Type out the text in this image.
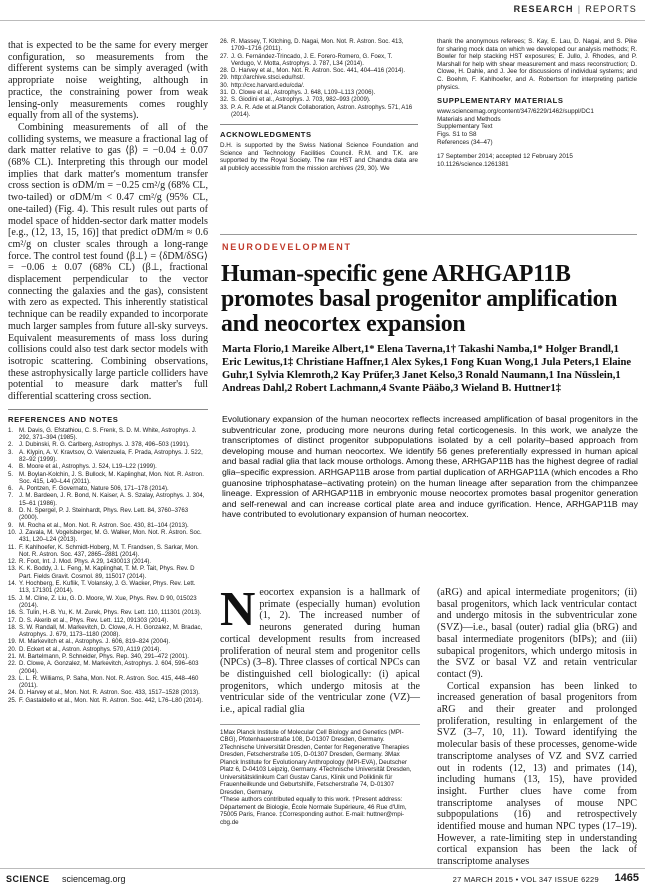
RESEARCH | REPORTS

that is expected to be the same for every merger configuration, so measurements from the different systems can be simply averaged (with appropriate noise weighting, although in practice, the constraining power from weak lensing-only measurements comes roughly equally from all of the systems).

Combining measurements of all of the colliding systems, we measure a fractional lag of dark matter relative to gas ⟨β⟩ = −0.04 ± 0.07 (68% CL). Interpreting this through our model implies that dark matter's momentum transfer cross section is σDM/m = −0.25 cm²/g (68% CL, two-tailed) or σDM/m < 0.47 cm²/g (95% CL, one-tailed) (Fig. 4). This result rules out parts of model space of hidden-sector dark matter models [e.g., (12, 13, 15, 16)] that predict σDM/m ≈ 0.6 cm²/g on cluster scales through a long-range force. The control test found ⟨β⊥⟩ = ⟨δDM/δSG⟩ = −0.06 ± 0.07 (68% CL) (β⊥, fractional displacement perpendicular to the vector connecting the galaxies and the gas), consistent with zero as expected. This inherently statistical technique can be readily expanded to incorporate much larger samples from future all-sky surveys. Equivalent measurements of mass loss during collisions could also test dark sector models with isotropic scattering. Combining observations, these astrophysically large particle colliders have potential to measure dark matter's full differential scattering cross section.

REFERENCES AND NOTES
1. M. Davis, G. Efstathiou, C. S. Frenk, S. D. M. White, Astrophys. J. 292, 371–394 (1985).
2. J. Dubinski, R. G. Carlberg, Astrophys. J. 378, 496–503 (1991).
3. A. Klypin, A. V. Kravtsov, O. Valenzuela, F. Prada, Astrophys. J. 522, 82–92 (1999).
4. B. Moore et al., Astrophys. J. 524, L19–L22 (1999).
5. M. Boylan-Kolchin, J. S. Bullock, M. Kaplinghat, Mon. Not. R. Astron. Soc. 415, L40–L44 (2011).
6. A. Pontzen, F. Governato, Nature 506, 171–178 (2014).
7. J. M. Bardeen, J. R. Bond, N. Kaiser, A. S. Szalay, Astrophys. J. 304, 15–61 (1986).
8. D. N. Spergel, P. J. Steinhardt, Phys. Rev. Lett. 84, 3760–3763 (2000).
9. M. Rocha et al., Mon. Not. R. Astron. Soc. 430, 81–104 (2013).
10. J. Zavala, M. Vogelsberger, M. G. Walker, Mon. Not. R. Astron. Soc. 431, L20–L24 (2013).
11. F. Kahlhoefer, K. Schmidt-Hoberg, M. T. Frandsen, S. Sarkar, Mon. Not. R. Astron. Soc. 437, 2865–2881 (2014).
12. R. Foot, Int. J. Mod. Phys. A 29, 1430013 (2014).
13. K. K. Boddy, J. L. Feng, M. Kaplinghat, T. M. P. Tait, Phys. Rev. D Part. Fields Gravit. Cosmol. 89, 115017 (2014).
14. Y. Hochberg, E. Kuflik, T. Volansky, J. G. Wacker, Phys. Rev. Lett. 113, 171301 (2014).
15. J. M. Cline, Z. Liu, G. D. Moore, W. Xue, Phys. Rev. D 90, 015023 (2014).
16. S. Tulin, H.-B. Yu, K. M. Zurek, Phys. Rev. Lett. 110, 111301 (2013).
17. D. S. Akerib et al., Phys. Rev. Lett. 112, 091303 (2014).
18. S. W. Randall, M. Markevitch, D. Clowe, A. H. Gonzalez, M. Bradac, Astrophys. J. 679, 1173–1180 (2008).
19. M. Markevitch et al., Astrophys. J. 606, 819–824 (2004).
20. D. Eckert et al., Astron. Astrophys. 570, A119 (2014).
21. M. Bartelmann, P. Schneider, Phys. Rep. 340, 291–472 (2001).
22. D. Clowe, A. Gonzalez, M. Markevitch, Astrophys. J. 604, 596–603 (2004).
23. L. L. R. Williams, P. Saha, Mon. Not. R. Astron. Soc. 415, 448–460 (2011).
24. D. Harvey et al., Mon. Not. R. Astron. Soc. 433, 1517–1528 (2013).
25. F. Gastaldello et al., Mon. Not. R. Astron. Soc. 442, L76–L80 (2014).
26. R. Massey, T. Kitching, D. Nagai, Mon. Not. R. Astron. Soc. 413, 1709–1716 (2011).
27. J. G. Fernández-Trincado, J. E. Forero-Romero, G. Foex, T. Verdugo, V. Motta, Astrophys. J. 787, L34 (2014).
28. D. Harvey et al., Mon. Not. R. Astron. Soc. 441, 404–416 (2014).
29. http://archive.stsci.edu/hst/.
30. http://cxc.harvard.edu/cda/.
31. D. Clowe et al., Astrophys. J. 648, L109–L113 (2006).
32. S. Giodini et al., Astrophys. J. 703, 982–993 (2009).
33. P. A. R. Ade et al.Planck Collaboration, Astron. Astrophys. 571, A16 (2014).
ACKNOWLEDGMENTS
D.H. is supported by the Swiss National Science Foundation and Science and Technology Facilities Council. R.M. and T.K. are supported by the Royal Society. The raw HST and Chandra data are all publicly accessible from the mission archives (29, 30). We
thank the anonymous referees; S. Kay, E. Lau, D. Nagai, and S. Pike for sharing mock data on which we developed our analysis methods; R. Bowler for help stacking HST exposures; E. Jullo, J. Rhodes, and P. Marshall for help with shear measurement and mass reconstruction; D. Clowe, H. Dahle, and J. Jee for discussions of individual systems; and C. Boehm, F. Kahlhoefer, and A. Robertson for interpreting particle physics.
SUPPLEMENTARY MATERIALS
www.sciencemag.org/content/347/6229/1462/suppl/DC1
Materials and Methods
Supplementary Text
Figs. S1 to S8
References (34–47)
17 September 2014; accepted 12 February 2015
10.1126/science.1261381
NEURODEVELOPMENT
Human-specific gene ARHGAP11B promotes basal progenitor amplification and neocortex expansion
Marta Florio,1 Mareike Albert,1* Elena Taverna,1† Takashi Namba,1* Holger Brandl,1 Eric Lewitus,1‡ Christiane Haffner,1 Alex Sykes,1 Fong Kuan Wong,1 Jula Peters,1 Elaine Guhr,1 Sylvia Klemroth,2 Kay Prüfer,3 Janet Kelso,3 Ronald Naumann,1 Ina Nüsslein,1 Andreas Dahl,2 Robert Lachmann,4 Svante Pääbo,3 Wieland B. Huttner1‡
Evolutionary expansion of the human neocortex reflects increased amplification of basal progenitors in the subventricular zone, producing more neurons during fetal corticogenesis. In this work, we analyze the transcriptomes of distinct progenitor subpopulations isolated by a cell polarity–based approach from developing mouse and human neocortex. We identify 56 genes preferentially expressed in human apical and basal radial glia that lack mouse orthologs. Among these, ARHGAP11B has the highest degree of radial glia–specific expression. ARHGAP11B arose from partial duplication of ARHGAP11A (which encodes a Rho guanosine triphosphatase–activating protein) on the human lineage after separation from the chimpanzee lineage. Expression of ARHGAP11B in embryonic mouse neocortex promotes basal progenitor generation and self-renewal and can increase cortical plate area and induce gyrification. Hence, ARHGAP11B may have contributed to evolutionary expansion of human neocortex.
Neocortex expansion is a hallmark of primate (especially human) evolution (1, 2). The increased number of neurons generated during human cortical development results from increased proliferation of neural stem and progenitor cells (NPCs) (3–8). Three classes of cortical NPCs can be distinguished cell biologically: (i) apical progenitors, which undergo mitosis at the ventricular side of the ventricular zone (VZ)—i.e., apical radial glia
1Max Planck Institute of Molecular Cell Biology and Genetics (MPI-CBG), Pfotenhauerstraße 108, D-01307 Dresden, Germany. 2Technische Universität Dresden, Center for Regenerative Therapies Dresden, Fetscherstraße 105, D-01307 Dresden, Germany. 3Max Planck Institute for Evolutionary Anthropology (MPI-EVA), Deutscher Platz 6, D-04103 Leipzig, Germany. 4Technische Universität Dresden, Universitätsklinikum Carl Gustav Carus, Klinik und Poliklinik für Frauenheilkunde und Geburtshilfe, Fetscherstraße 74, D-01307 Dresden, Germany.
*These authors contributed equally to this work. †Present address: Département de Biologie, École Normale Supérieure, 46 Rue d'Ulm, 75005 Paris, France. ‡Corresponding author. E-mail: huttner@mpi-cbg.de

(aRG) and apical intermediate progenitors; (ii) basal progenitors, which lack ventricular contact and undergo mitosis in the subventricular zone (SVZ)—i.e., basal (outer) radial glia (bRG) and basal intermediate progenitors (bIPs); and (iii) subapical progenitors, which undergo mitosis in the SVZ or basal VZ and retain ventricular contact (9).

Cortical expansion has been linked to increased generation of basal progenitors from aRG and their greater and prolonged proliferation, resulting in enlargement of the SVZ (3–7, 10, 11). Toward identifying the molecular basis of these processes, genome-wide transcriptome analyses of VZ and SVZ carried out in rodents (12, 13) and primates (14), including humans (13, 15), have provided insight. Further clues have come from transcriptome analyses of mouse NPC subpopulations (16) and retrospectively identified mouse and human NPC types (17–19). However, a rate-limiting step in understanding cortical expansion has been the lack of transcriptome analyses

SCIENCE sciencemag.org	27 MARCH 2015 • VOL 347 ISSUE 6229 1465
